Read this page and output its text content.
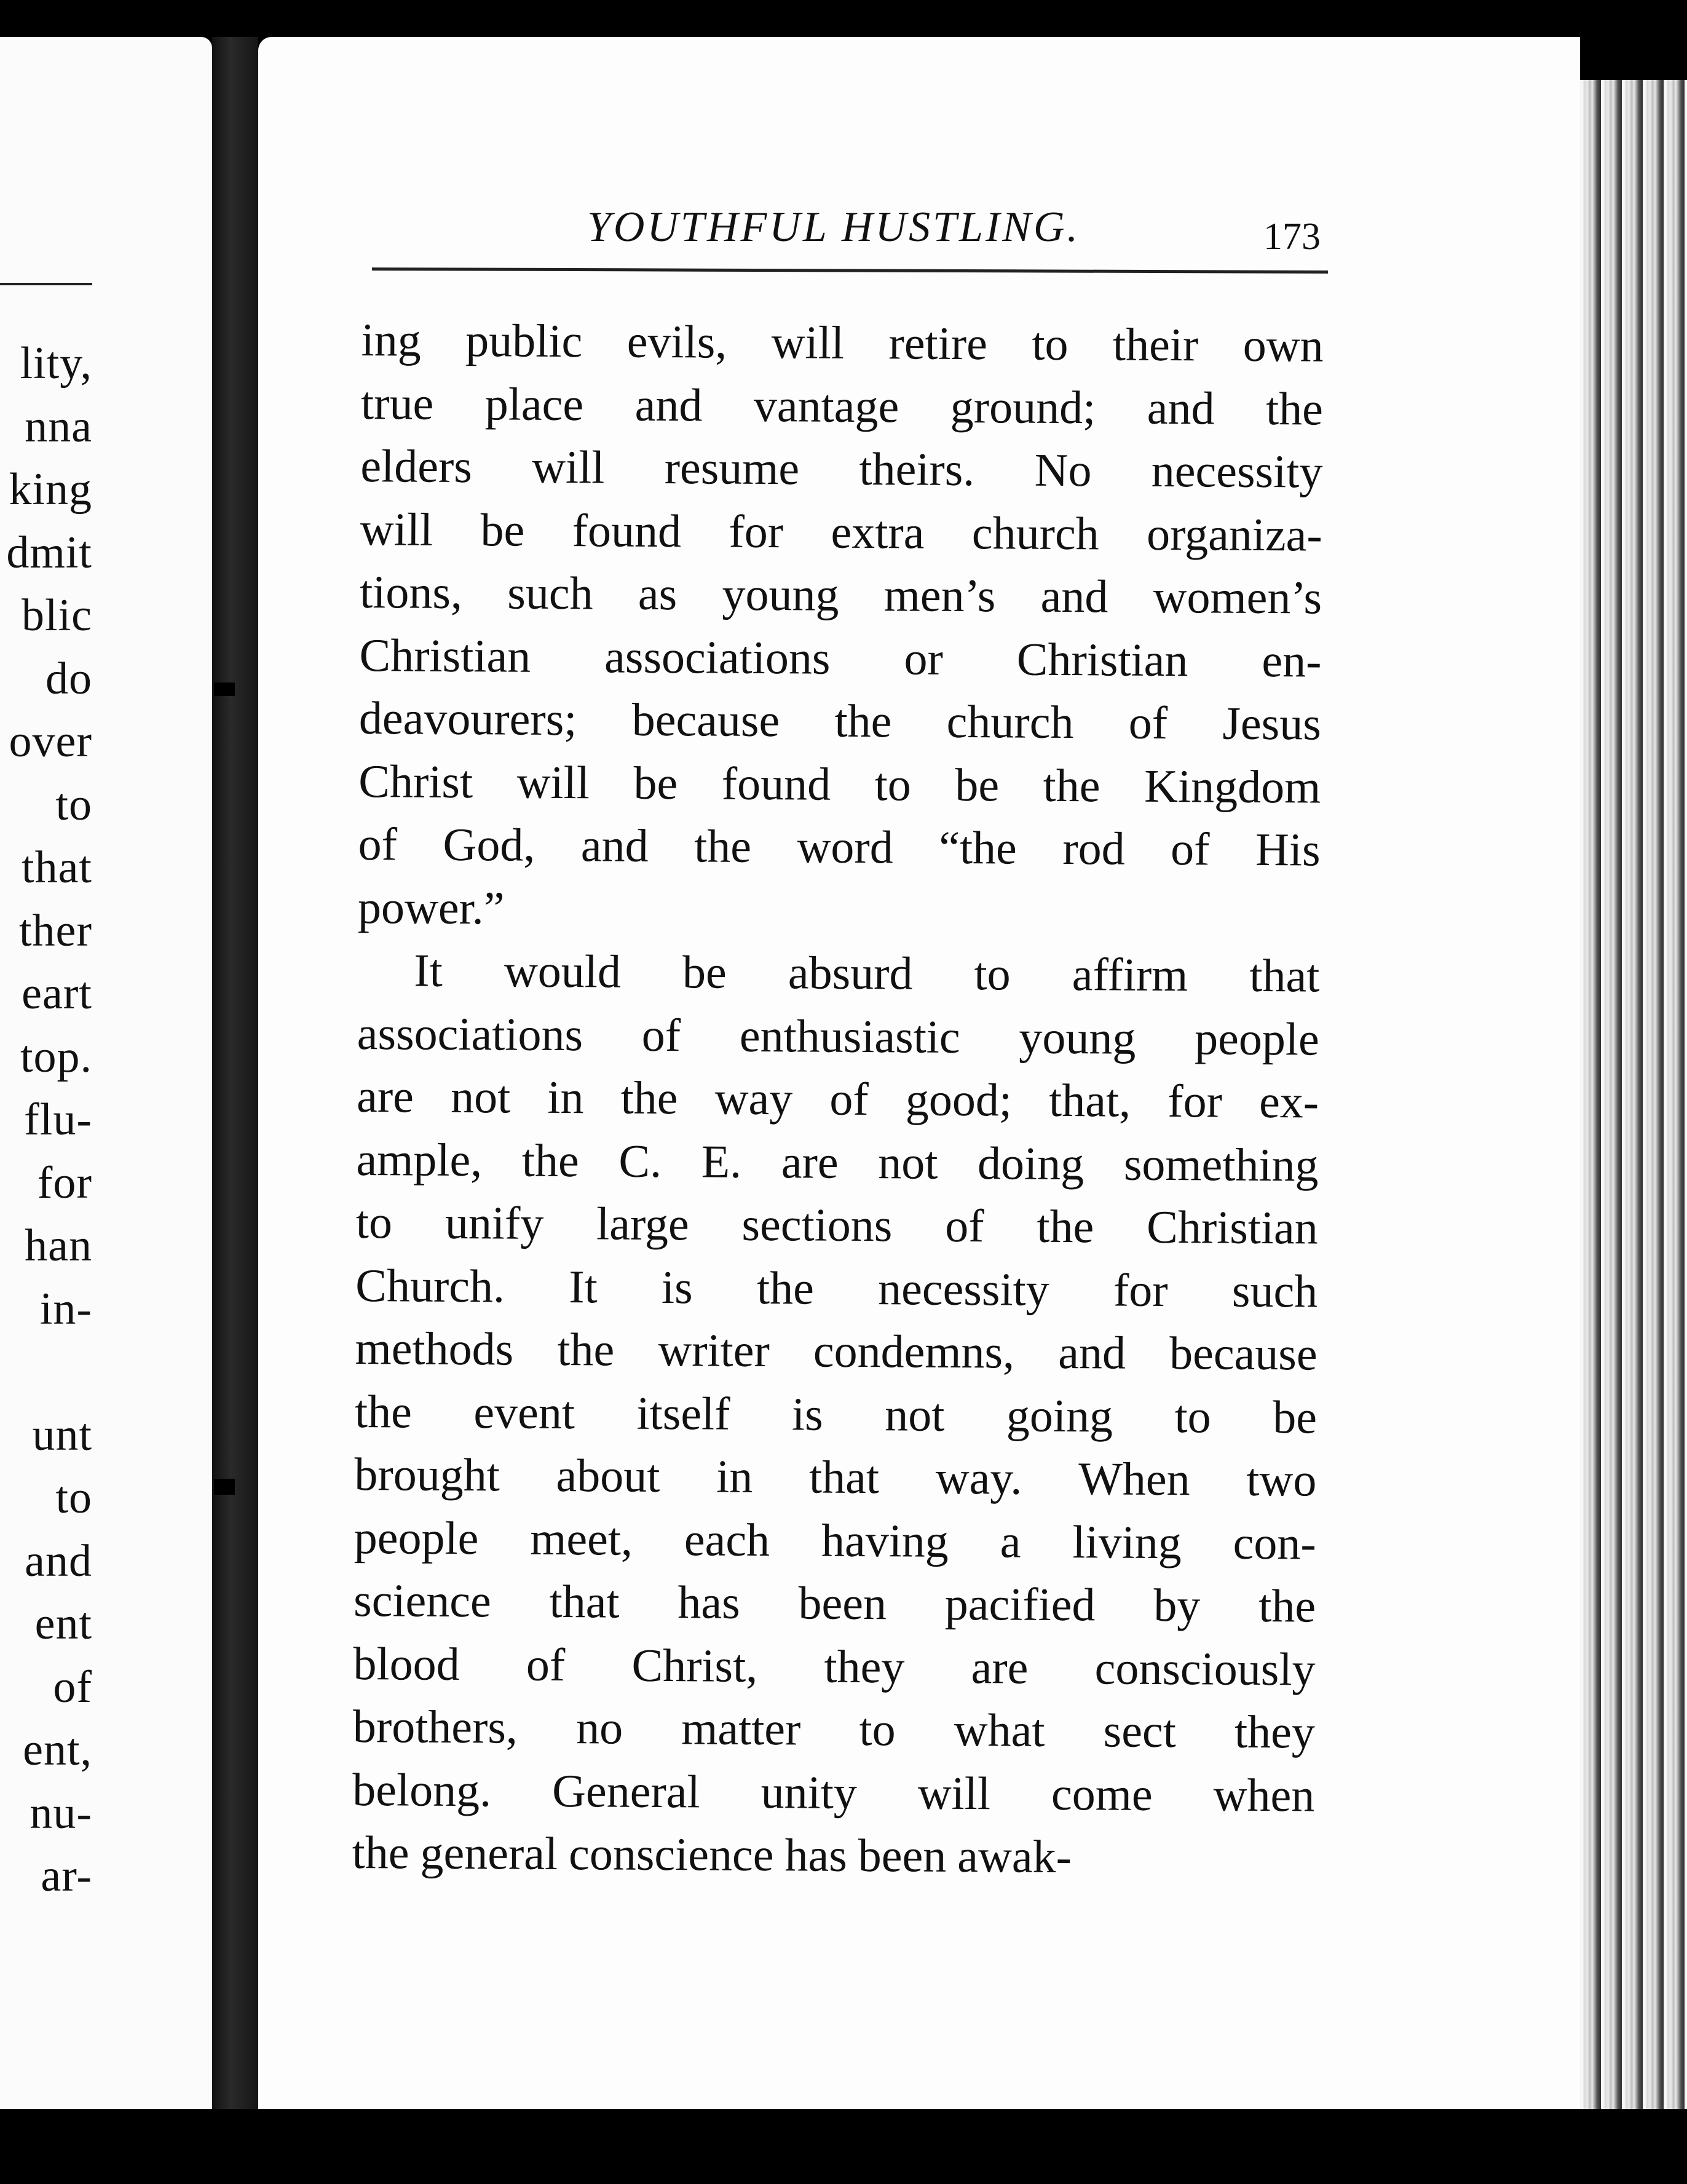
lity,
nna
king
dmit
blic
do
over
to
that
ther
eart
top.
flu-
for
han
in-
unt
to
and
ent
of
ent,
nu-
ar-
YOUTHFUL HUSTLING.	173
ing public evils, will retire to their own
true place and vantage ground; and the
elders will resume theirs. No necessity
will be found for extra church organiza-
tions, such as young men’s and women’s
Christian associations or Christian en-
deavourers; because the church of Jesus
Christ will be found to be the Kingdom
of God, and the word “the rod of His
power.”
It would be absurd to affirm that
associations of enthusiastic young people
are not in the way of good; that, for ex-
ample, the C. E. are not doing something
to unify large sections of the Christian
Church. It is the necessity for such
methods the writer condemns, and because
the event itself is not going to be
brought about in that way. When two
people meet, each having a living con-
science that has been pacified by the
blood of Christ, they are consciously
brothers, no matter to what sect they
belong. General unity will come when
the general conscience has been awak-
